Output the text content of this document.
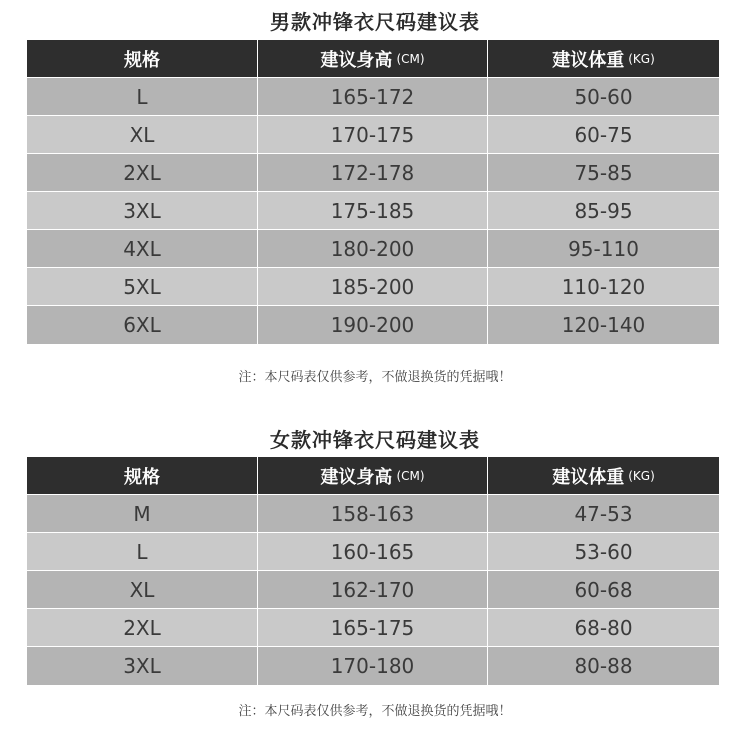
男款冲锋衣尺码建议表
规格	建议身高 (CM)	建议体重 (KG)
L	165-172	50-60
XL	170-175	60-75
2XL	172-178	75-85
3XL	175-185	85-95
4XL	180-200	95-110
5XL	185-200	110-120
6XL	190-200	120-140
注：本尺码表仅供参考，不做退换货的凭据哦！
女款冲锋衣尺码建议表
规格	建议身高 (CM)	建议体重 (KG)
M	158-163	47-53
L	160-165	53-60
XL	162-170	60-68
2XL	165-175	68-80
3XL	170-180	80-88
注：本尺码表仅供参考，不做退换货的凭据哦！
